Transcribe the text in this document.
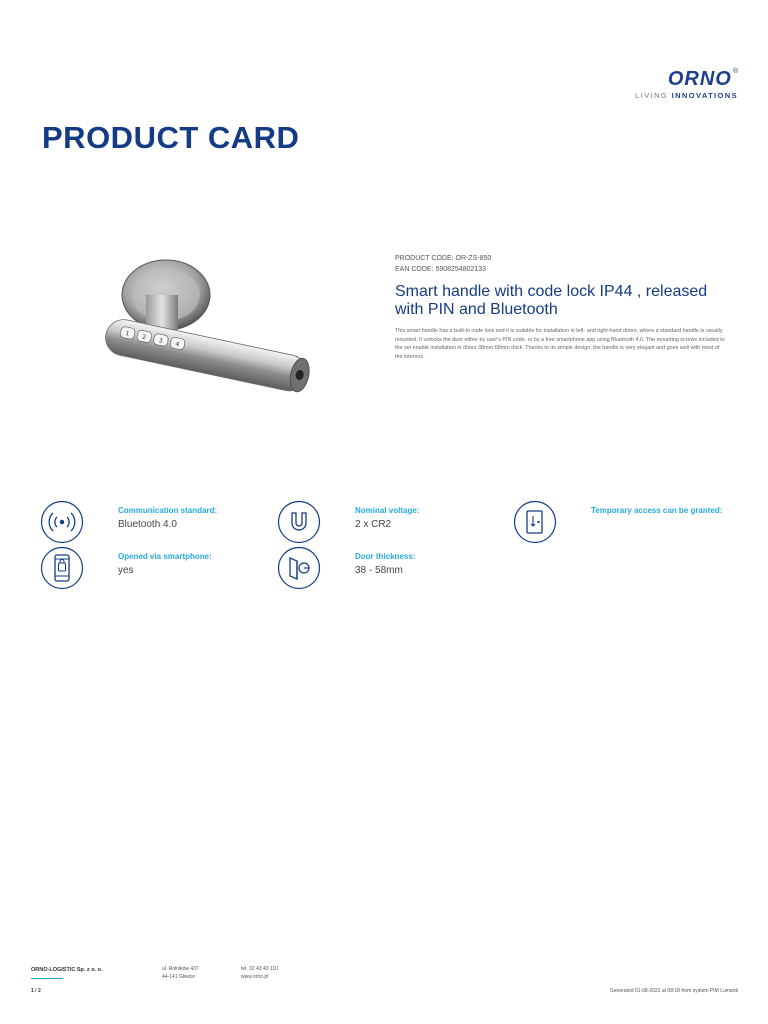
ORNO®
LIVING INNOVATIONS
PRODUCT CARD
1 2 3 4

PRODUCT CODE: OR-ZS-850

EAN CODE: 5908254802133

Smart handle with code lock IP44 , released with PIN and Bluetooth

This smart handle has a built-in code lock and it is suitable for installation in left- and right-hand doors, where a standard handle is usually mounted. It unlocks the door either by user's PIN code, or by a free smartphone app using Bluetooth 4.0. The mounting screws included to the set enable installation in doors 38mm-58mm thick. Thanks to its simple design, the handle is very elegant and goes well with most of the interiors.

Communication standard:
Bluetooth 4.0
Nominal voltage:
2 x CR2
Temporary access can be granted:
Opened via smartphone:
yes
Door thickness:
38 - 58mm
ORNO-LOGISTIC Sp. z o. o.	ul. Rolników 437
44-141 Gliwice
tel. 32 43 43 110
www.orno.pl
1 / 2	Generated 01-08-2022 at 08:18 from system PIM Lumanti
